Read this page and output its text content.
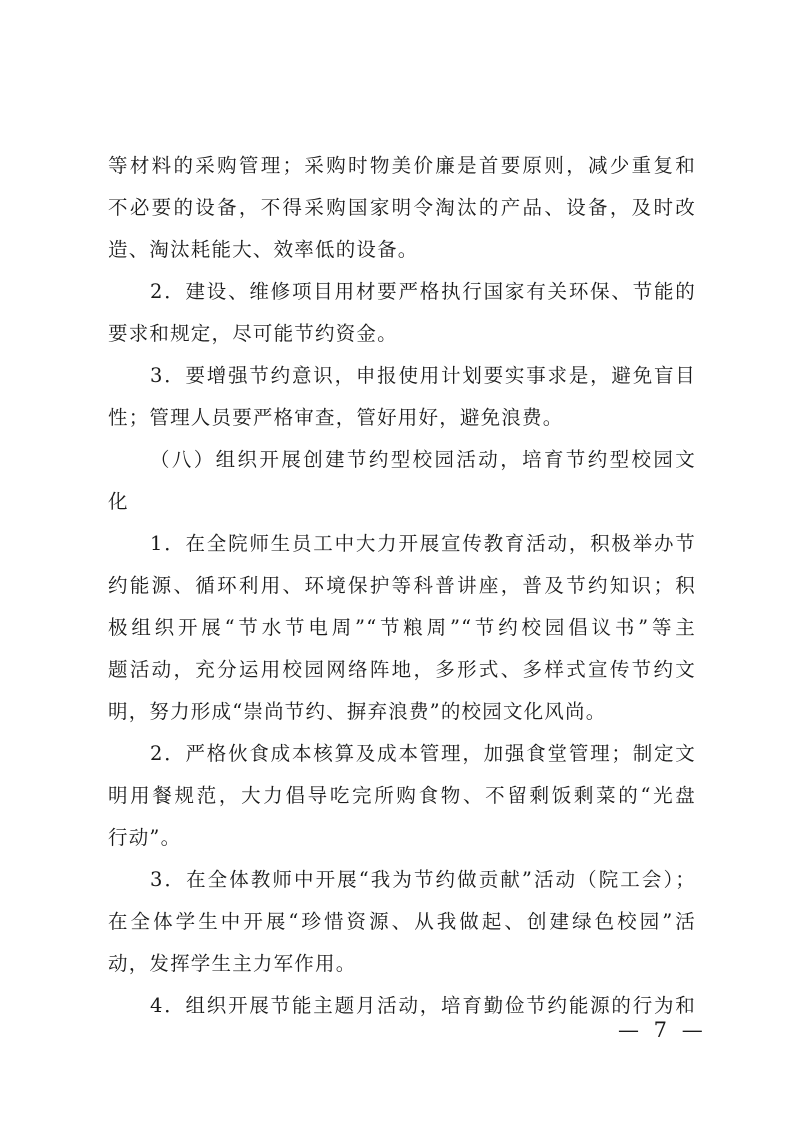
等材料的采购管理；采购时物美价廉是首要原则，减少重复和
不必要的设备，不得采购国家明令淘汰的产品、设备，及时改
造、淘汰耗能大、效率低的设备。
2．建设、维修项目用材要严格执行国家有关环保、节能的
要求和规定，尽可能节约资金。
3．要增强节约意识，申报使用计划要实事求是，避免盲目
性；管理人员要严格审查，管好用好，避免浪费。
（八）组织开展创建节约型校园活动，培育节约型校园文
化
1．在全院师生员工中大力开展宣传教育活动，积极举办节
约能源、循环利用、环境保护等科普讲座，普及节约知识；积
极组织开展“节水节电周”“节粮周”“节约校园倡议书”等主
题活动，充分运用校园网络阵地，多形式、多样式宣传节约文
明，努力形成“崇尚节约、摒弃浪费”的校园文化风尚。
2．严格伙食成本核算及成本管理，加强食堂管理；制定文
明用餐规范，大力倡导吃完所购食物、不留剩饭剩菜的“光盘
行动”。
3．在全体教师中开展“我为节约做贡献”活动（院工会）；
在全体学生中开展“珍惜资源、从我做起、创建绿色校园”活
动，发挥学生主力军作用。
4．组织开展节能主题月活动，培育勤俭节约能源的行为和
— 7 —
